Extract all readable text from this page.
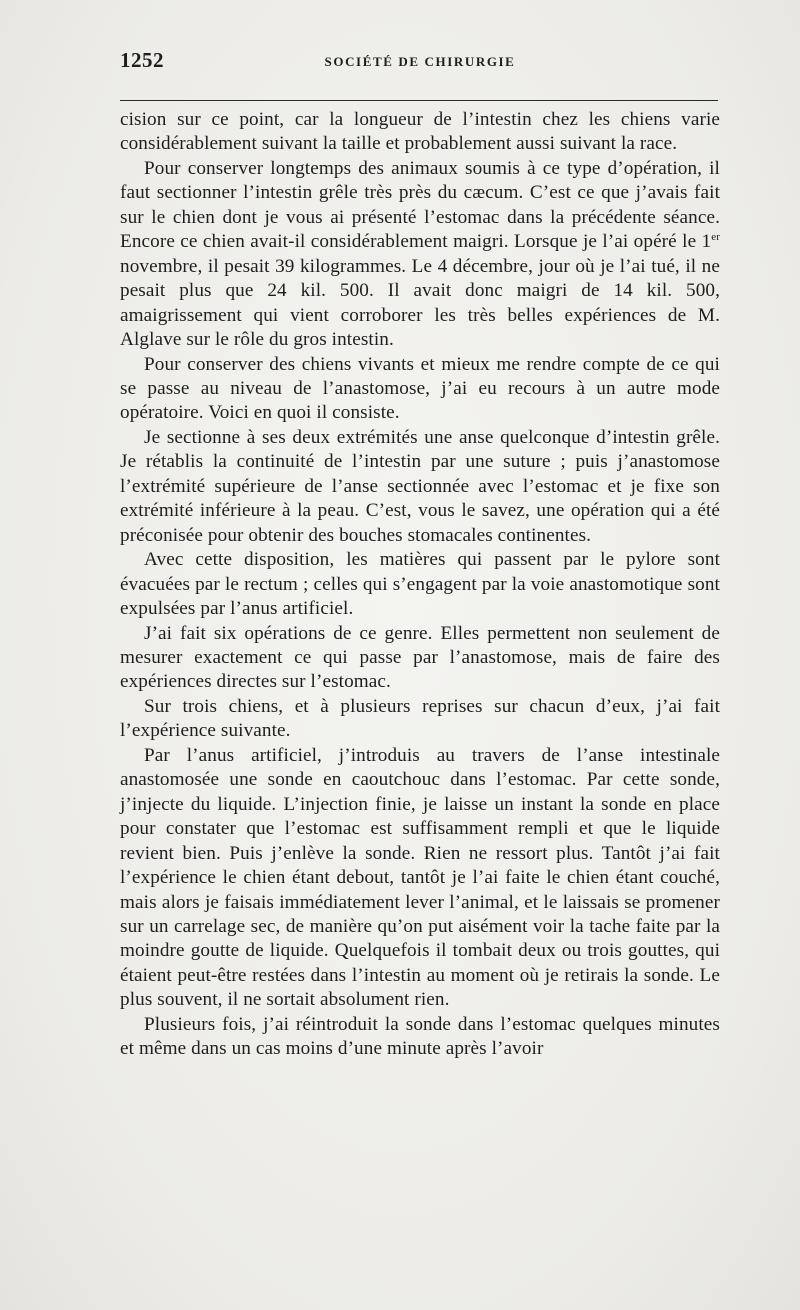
1252	SOCIÉTÉ DE CHIRURGIE

cision sur ce point, car la longueur de l’intestin chez les chiens varie considérablement suivant la taille et probablement aussi suivant la race.

Pour conserver longtemps des animaux soumis à ce type d’opération, il faut sectionner l’intestin grêle très près du cæcum. C’est ce que j’avais fait sur le chien dont je vous ai présenté l’estomac dans la précédente séance. Encore ce chien avait-il considérablement maigri. Lorsque je l’ai opéré le 1er novembre, il pesait 39 kilogrammes. Le 4 décembre, jour où je l’ai tué, il ne pesait plus que 24 kil. 500. Il avait donc maigri de 14 kil. 500, amaigrissement qui vient corroborer les très belles expériences de M. Alglave sur le rôle du gros intestin.

Pour conserver des chiens vivants et mieux me rendre compte de ce qui se passe au niveau de l’anastomose, j’ai eu recours à un autre mode opératoire. Voici en quoi il consiste.

Je sectionne à ses deux extrémités une anse quelconque d’intestin grêle. Je rétablis la continuité de l’intestin par une suture ; puis j’anastomose l’extrémité supérieure de l’anse sectionnée avec l’estomac et je fixe son extrémité inférieure à la peau. C’est, vous le savez, une opération qui a été préconisée pour obtenir des bouches stomacales continentes.

Avec cette disposition, les matières qui passent par le pylore sont évacuées par le rectum ; celles qui s’engagent par la voie anastomotique sont expulsées par l’anus artificiel.

J’ai fait six opérations de ce genre. Elles permettent non seulement de mesurer exactement ce qui passe par l’anastomose, mais de faire des expériences directes sur l’estomac.

Sur trois chiens, et à plusieurs reprises sur chacun d’eux, j’ai fait l’expérience suivante.

Par l’anus artificiel, j’introduis au travers de l’anse intestinale anastomosée une sonde en caoutchouc dans l’estomac. Par cette sonde, j’injecte du liquide. L’injection finie, je laisse un instant la sonde en place pour constater que l’estomac est suffisamment rempli et que le liquide revient bien. Puis j’enlève la sonde. Rien ne ressort plus. Tantôt j’ai fait l’expérience le chien étant debout, tantôt je l’ai faite le chien étant couché, mais alors je faisais immédiatement lever l’animal, et le laissais se promener sur un carrelage sec, de manière qu’on put aisément voir la tache faite par la moindre goutte de liquide. Quelquefois il tombait deux ou trois gouttes, qui étaient peut-être restées dans l’intestin au moment où je retirais la sonde. Le plus souvent, il ne sortait absolument rien.

Plusieurs fois, j’ai réintroduit la sonde dans l’estomac quelques minutes et même dans un cas moins d’une minute après l’avoir
